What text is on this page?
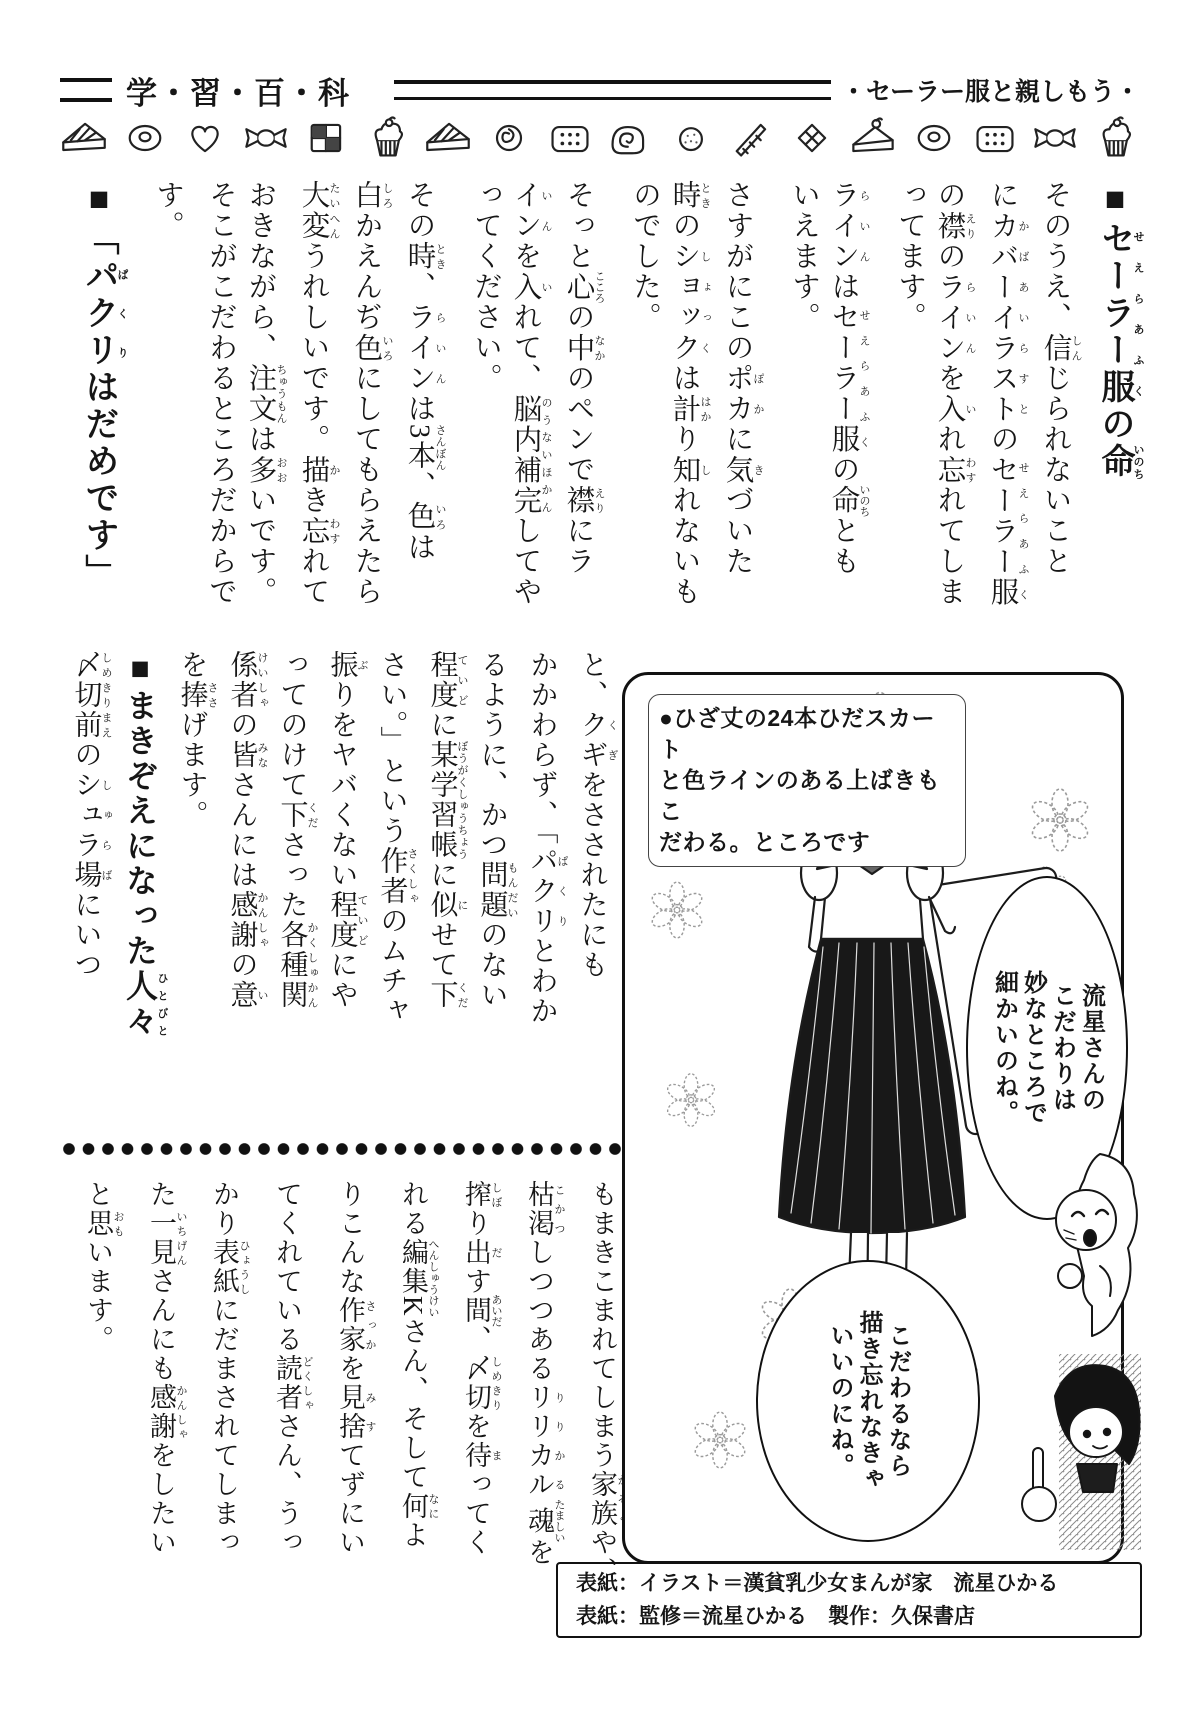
学・習・百・科	・セーラー服と親しもう・
■セーラー服せえらあふくの命いのち
そのうえ、信 しんじられないこと
にカバーイラスト かばあいらすとのセーラー服 せえらあふく
の襟 えりのライン らいんを入 いれ忘 わすれてしま
ってます。
ライン らいんはセーラー服 せえらあふくの命 いのちとも
いえます。
さすがにこのポカ ぽかに気 きづいた
時 ときのショック しょっくは計 はかり知 しれないも
のでした。
そっと心 こころの中 なかのペンで襟 えりにラ
イン いんを入 いれて、脳内補完 のうないほかんしてや
ってください。
その時 とき、ライン らいんは3本 さんぼん、色 いろは
白 しろかえんぢ色 いろにしてもらえたら
大変 たいへんうれしいです。描 かき忘 わすれて
おきながら、注文 ちゅうもんは多 おおいです。
そこがこだわるところだからで
す。
■「パクリぱくりはだめです」
と、クギくぎをさされたにも
かかわらず、「パクリぱくりとわか
るように、かつ問題もんだいのない
程度ていどに某学習帳ぼうがくしゅうちょうに似にせて下くだ
さい。」という作者さくしゃのムチャ
振ぶりをヤバくない程度ていどにや
ってのけて下くださった各種かくしゅ関かん
係者けいしゃの皆みなさんには感謝かんしゃの意い
を捧ささげます。
■まきぞえになった人々ひとびと
〆切前しめきりまえのシュラ場しゅらばにいつ
もまきこまれてしまう家族や、
枯渇 こかつしつつあるリリカル りりかる魂 たましいを
搾 しぼり出 だす間 あいだ、〆切 しめきりを待 まってく
れる編集K へんしゅうけいさん、そして何 なによ
りこんな作家 さっかを見捨 みすてずにい
てくれている読者 どくしゃさん、うっ
かり表紙 ひょうしにだまされてしまっ
た一見 いちげんさんにも感謝 かんしゃをしたい
と思 おもいます。
●ひざ丈の24本ひだスカート
と色ラインのある上ばきもこ
だわる。ところです
流星さんの
こだわりは
妙なところで
細かいのね。
こだわるなら
描き忘れなきゃ
いいのにね。
表紙：イラスト＝漢貧乳少女まんが家　流星ひかる
表紙：監修＝流星ひかる　製作：久保書店
